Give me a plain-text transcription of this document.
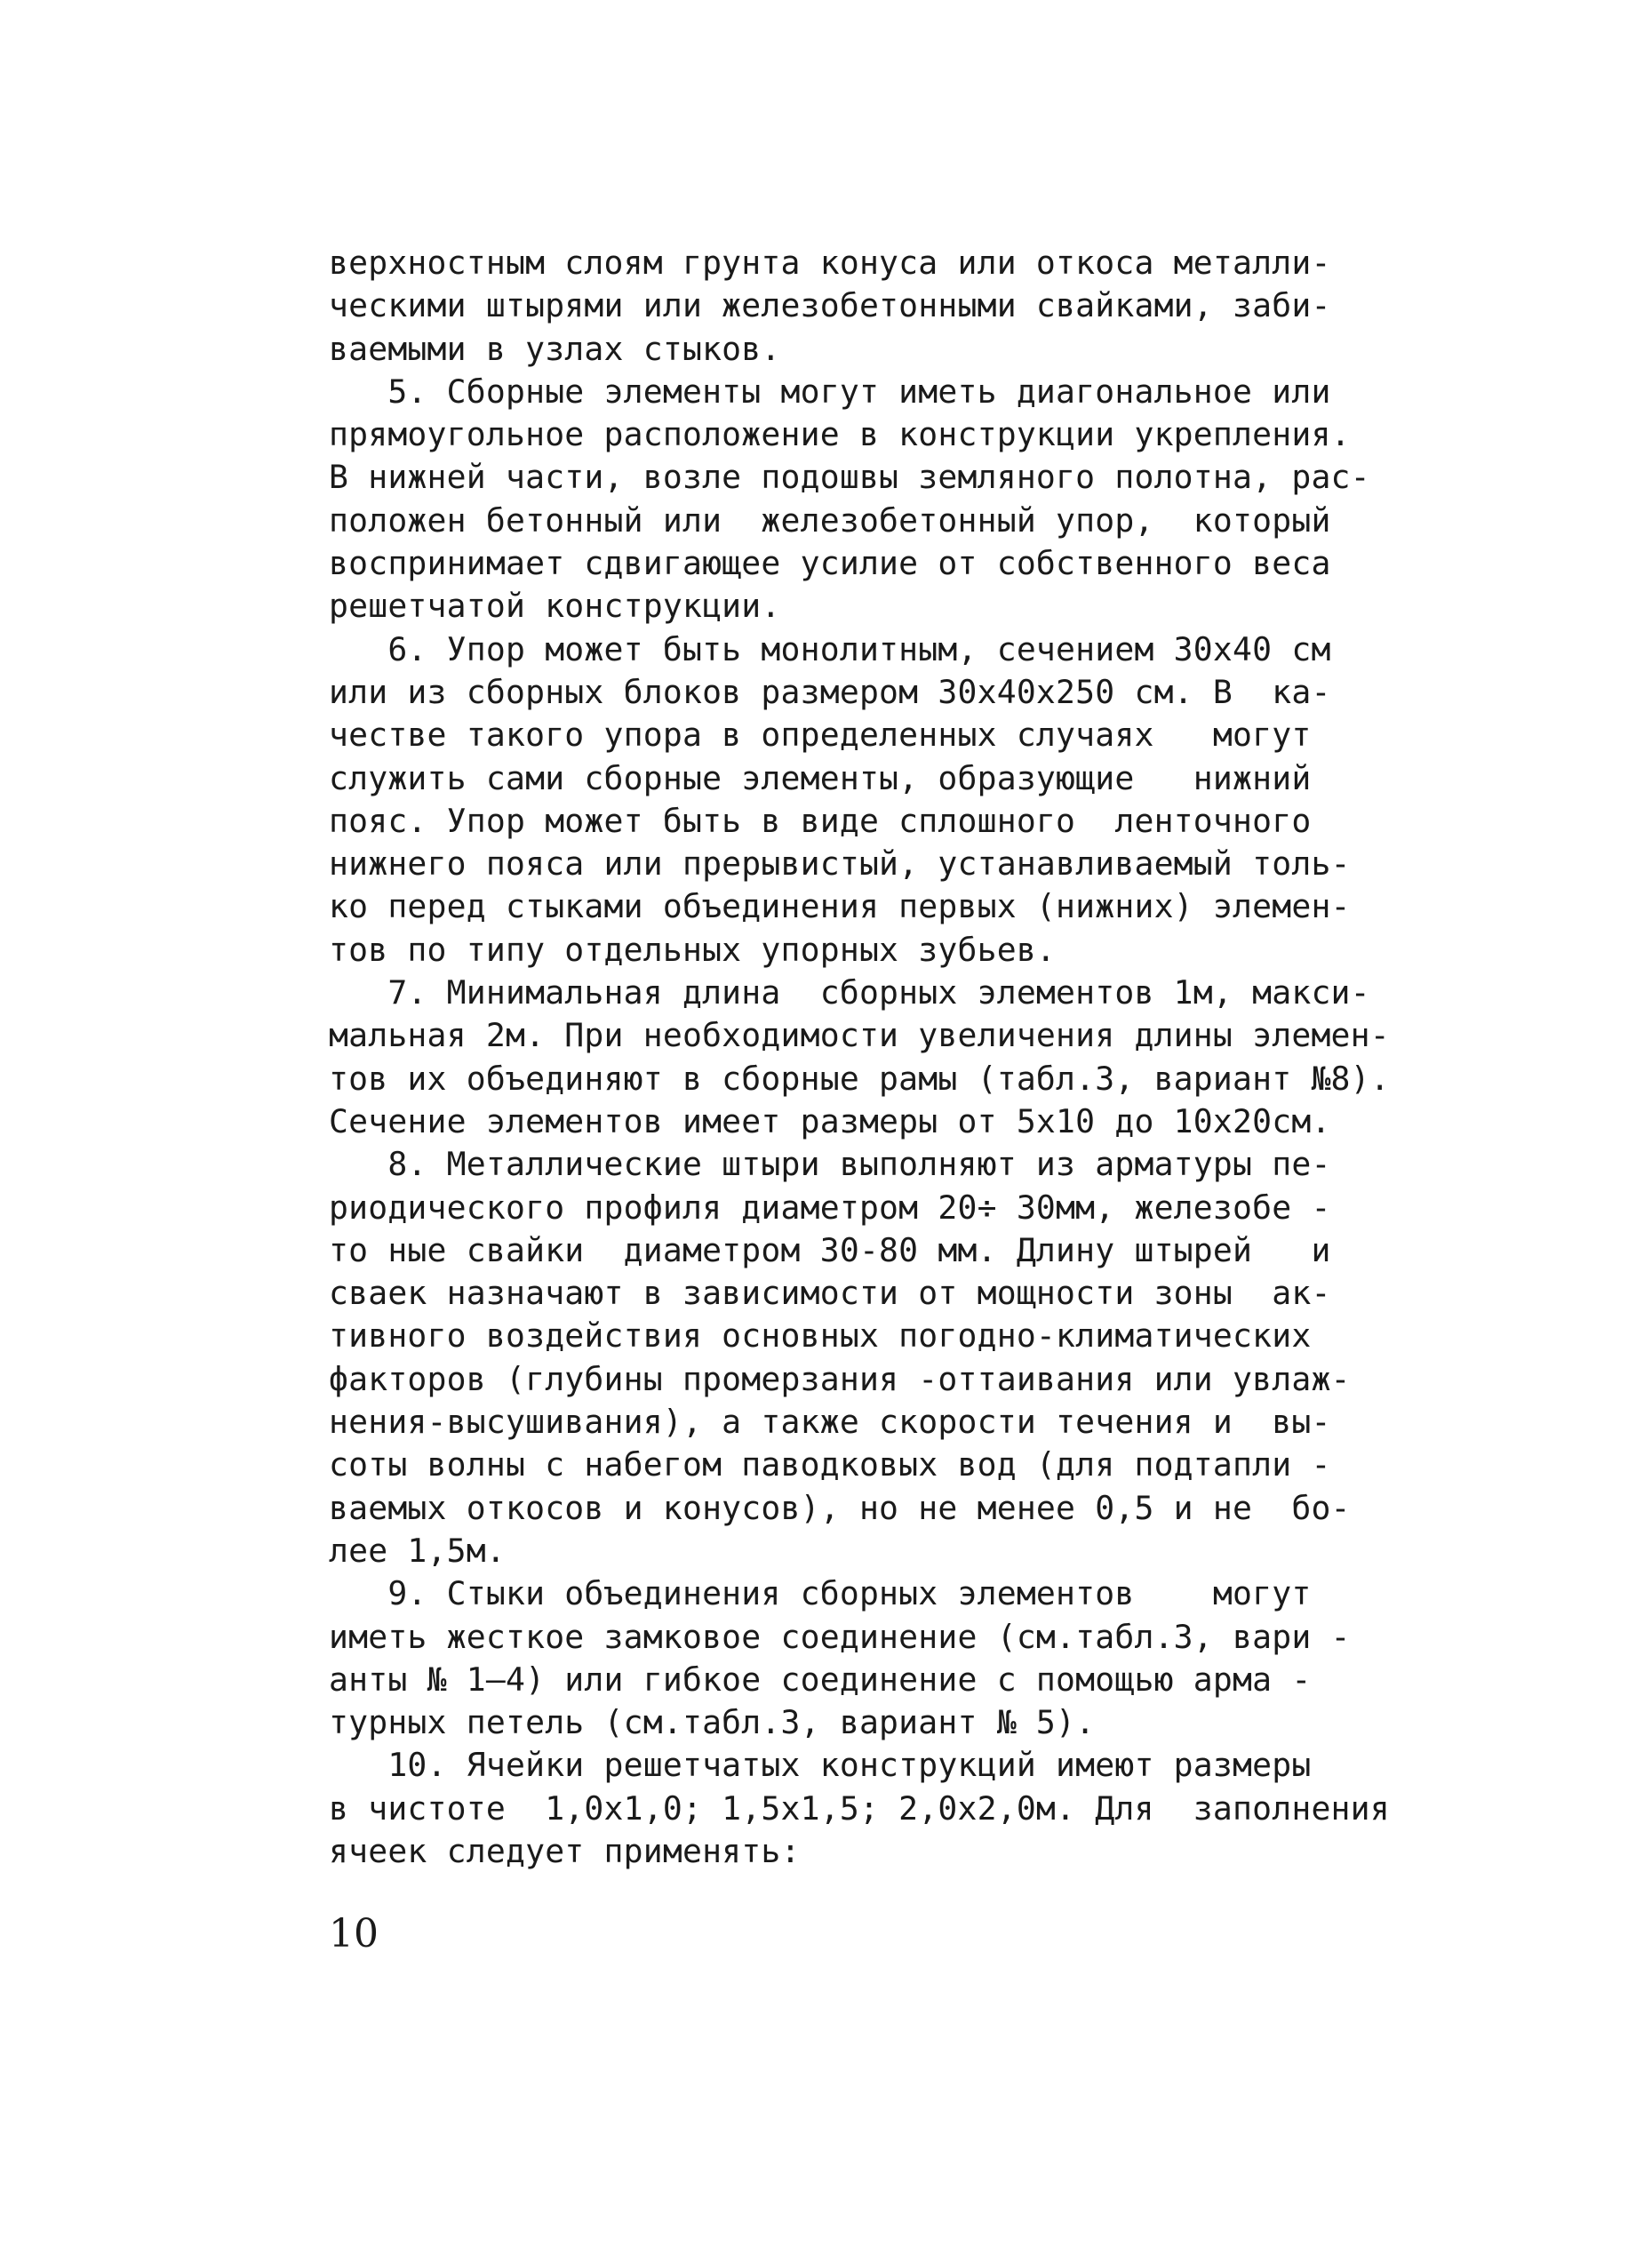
верхностным слоям грунта конуса или откоса металли-
ческими штырями или железобетонными свайками, заби-
ваемыми в узлах стыков.
5. Сборные элементы могут иметь диагональное или
прямоугольное расположение в конструкции укрепления.
В нижней части, возле подошвы земляного полотна, рас-
положен бетонный или  железобетонный упор,  который
воспринимает сдвигающее усилие от собственного веса
решетчатой конструкции.
6. Упор может быть монолитным, сечением 30x40 см
или из сборных блоков размером 30x40x250 см. В  ка-
честве такого упора в определенных случаях   могут
служить сами сборные элементы, образующие   нижний
пояс. Упор может быть в виде сплошного  ленточного
нижнего пояса или прерывистый, устанавливаемый толь-
ко перед стыками объединения первых (нижних) элемен-
тов по типу отдельных упорных зубьев.
7. Минимальная длина  сборных элементов 1м, макси-
мальная 2м. При необходимости увеличения длины элемен-
тов их объединяют в сборные рамы (табл.3, вариант №8).
Сечение элементов имеет размеры от 5x10 до 10x20см.
8. Металлические штыри выполняют из арматуры пе-
риодического профиля диаметром 20÷ 30мм, железобе -
то ные свайки  диаметром 30-80 мм. Длину штырей   и
сваек назначают в зависимости от мощности зоны  ак-
тивного воздействия основных погодно-климатических
факторов (глубины промерзания -оттаивания или увлаж-
нения-высушивания), а также скорости течения и  вы-
соты волны с набегом паводковых вод (для подтапли -
ваемых откосов и конусов), но не менее 0,5 и не  бо-
лее 1,5м.
9. Стыки объединения сборных элементов    могут
иметь жесткое замковое соединение (см.табл.3, вари -
анты № 1–4) или гибкое соединение с помощью арма -
турных петель (см.табл.3, вариант № 5).
10. Ячейки решетчатых конструкций имеют размеры
в чистоте  1,0x1,0; 1,5x1,5; 2,0x2,0м. Для  заполнения
ячеек следует применять:
10
